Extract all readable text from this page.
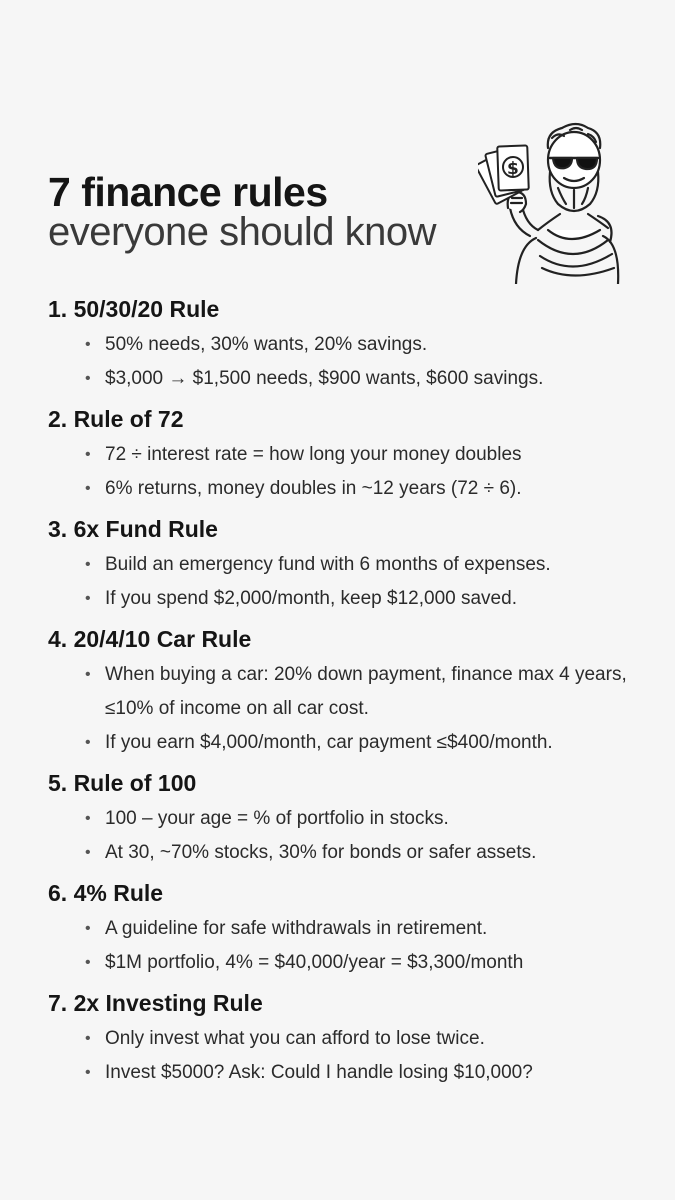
7 finance rules
everyone should know
$
1. 50/30/20 Rule
• 50% needs, 30% wants, 20% savings.
• $3,000 → $1,500 needs, $900 wants, $600 savings.
2. Rule of 72
• 72 ÷ interest rate = how long your money doubles
• 6% returns, money doubles in ~12 years (72 ÷ 6).
3. 6x Fund Rule
• Build an emergency fund with 6 months of expenses.
• If you spend $2,000/month, keep $12,000 saved.
4. 20/4/10 Car Rule
• When buying a car: 20% down payment, finance max 4 years, ≤10% of income on all car cost.
• If you earn $4,000/month, car payment ≤$400/month.
5. Rule of 100
• 100 – your age = % of portfolio in stocks.
• At 30, ~70% stocks, 30% for bonds or safer assets.
6. 4% Rule
• A guideline for safe withdrawals in retirement.
• $1M portfolio, 4% = $40,000/year = $3,300/month
7. 2x Investing Rule
• Only invest what you can afford to lose twice.
• Invest $5000? Ask: Could I handle losing $10,000?
